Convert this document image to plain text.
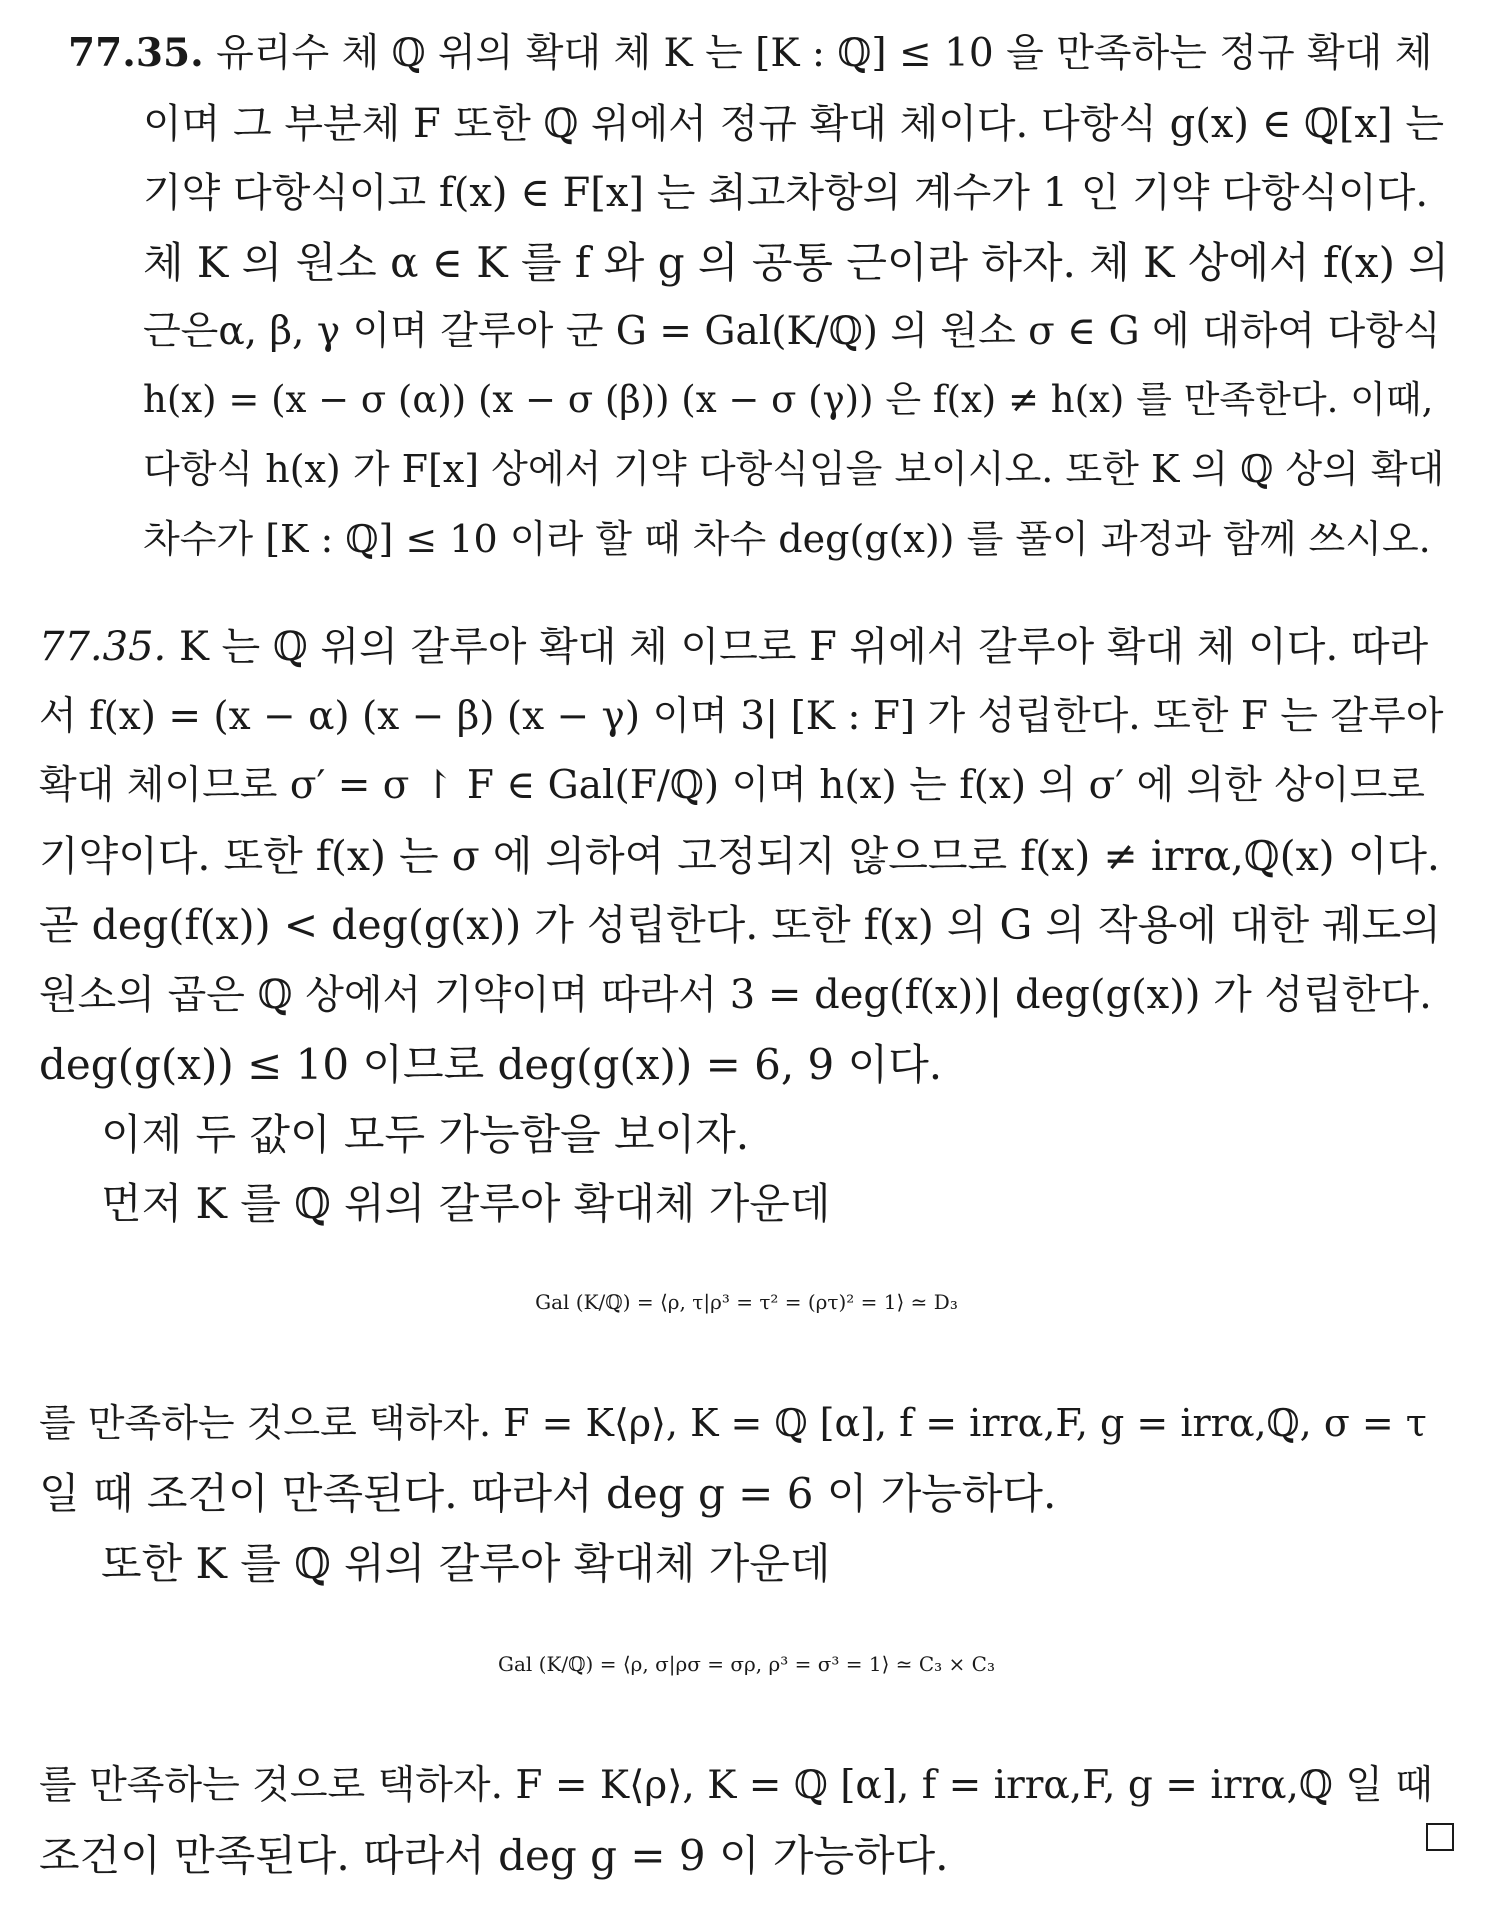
77.35. 유리수 체 ℚ 위의 확대 체 K 는 [K : ℚ] ≤ 10 을 만족하는 정규 확대 체
이며 그 부분체 F 또한 ℚ 위에서 정규 확대 체이다. 다항식 g(x) ∈ ℚ[x] 는
기약 다항식이고 f(x) ∈ F[x] 는 최고차항의 계수가 1 인 기약 다항식이다.
체 K 의 원소 α ∈ K 를 f 와 g 의 공통 근이라 하자. 체 K 상에서 f(x) 의
근은α, β, γ 이며 갈루아 군 G = Gal(K/ℚ) 의 원소 σ ∈ G 에 대하여 다항식
h(x) = (x − σ (α)) (x − σ (β)) (x − σ (γ)) 은 f(x) ≠ h(x) 를 만족한다. 이때,
다항식 h(x) 가 F[x] 상에서 기약 다항식임을 보이시오. 또한 K 의 ℚ 상의 확대
차수가 [K : ℚ] ≤ 10 이라 할 때 차수 deg(g(x)) 를 풀이 과정과 함께 쓰시오.
77.35. K 는 ℚ 위의 갈루아 확대 체 이므로 F 위에서 갈루아 확대 체 이다. 따라
서 f(x) = (x − α) (x − β) (x − γ) 이며 3| [K : F] 가 성립한다. 또한 F 는 갈루아
확대 체이므로 σ′ = σ ↾ F ∈ Gal(F/ℚ) 이며 h(x) 는 f(x) 의 σ′ 에 의한 상이므로
기약이다. 또한 f(x) 는 σ 에 의하여 고정되지 않으므로 f(x) ≠ irrα,ℚ(x) 이다.
곧 deg(f(x)) < deg(g(x)) 가 성립한다. 또한 f(x) 의 G 의 작용에 대한 궤도의
원소의 곱은 ℚ 상에서 기약이며 따라서 3 = deg(f(x))| deg(g(x)) 가 성립한다.
deg(g(x)) ≤ 10 이므로 deg(g(x)) = 6, 9 이다.
이제 두 값이 모두 가능함을 보이자.
먼저 K 를 ℚ 위의 갈루아 확대체 가운데
Gal (K/ℚ) = ⟨ρ, τ|ρ³ = τ² = (ρτ)² = 1⟩ ≃ D₃
를 만족하는 것으로 택하자. F = K⟨ρ⟩, K = ℚ [α], f = irrα,F, g = irrα,ℚ, σ = τ
일 때 조건이 만족된다. 따라서 deg g = 6 이 가능하다.
또한 K 를 ℚ 위의 갈루아 확대체 가운데
Gal (K/ℚ) = ⟨ρ, σ|ρσ = σρ, ρ³ = σ³ = 1⟩ ≃ C₃ × C₃
를 만족하는 것으로 택하자. F = K⟨ρ⟩, K = ℚ [α], f = irrα,F, g = irrα,ℚ 일 때
조건이 만족된다. 따라서 deg g = 9 이 가능하다.
